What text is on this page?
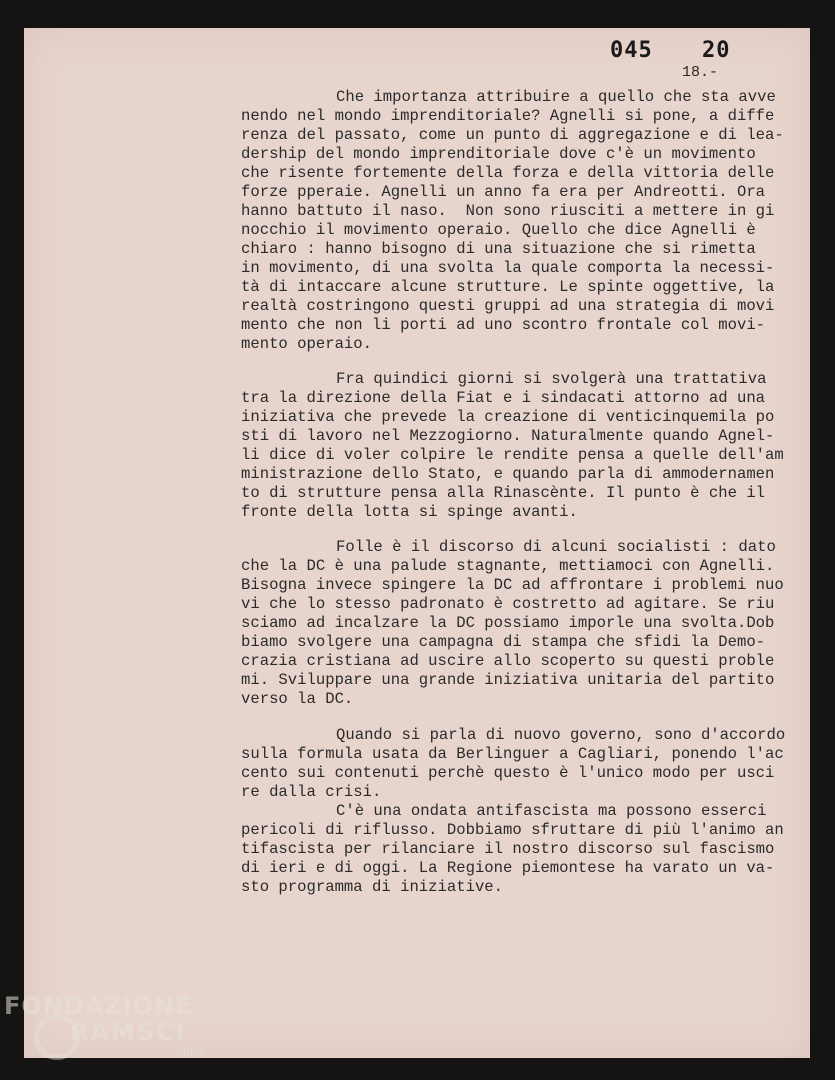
045 20
18.-
Che importanza attribuire a quello che sta avve
nendo nel mondo imprenditoriale? Agnelli si pone, a diffe
renza del passato, come un punto di aggregazione e di lea-
dership del mondo imprenditoriale dove c'è un movimento
che risente fortemente della forza e della vittoria delle
forze pperaie. Agnelli un anno fa era per Andreotti. Ora
hanno battuto il naso.  Non sono riusciti a mettere in gi
nocchio il movimento operaio. Quello che dice Agnelli è
chiaro : hanno bisogno di una situazione che si rimetta
in movimento, di una svolta la quale comporta la necessi-
tà di intaccare alcune strutture. Le spinte oggettive, la
realtà costringono questi gruppi ad una strategia di movi
mento che non li porti ad uno scontro frontale col movi-
mento operaio.
Fra quindici giorni si svolgerà una trattativa
tra la direzione della Fiat e i sindacati attorno ad una
iniziativa che prevede la creazione di venticinquemila po
sti di lavoro nel Mezzogiorno. Naturalmente quando Agnel-
li dice di voler colpire le rendite pensa a quelle dell'am
ministrazione dello Stato, e quando parla di ammodernamen
to di strutture pensa alla Rinascènte. Il punto è che il
fronte della lotta si spinge avanti.
Folle è il discorso di alcuni socialisti : dato
che la DC è una palude stagnante, mettiamoci con Agnelli.
Bisogna invece spingere la DC ad affrontare i problemi nuo
vi che lo stesso padronato è costretto ad agitare. Se riu
sciamo ad incalzare la DC possiamo imporle una svolta.Dob
biamo svolgere una campagna di stampa che sfidi la Demo-
crazia cristiana ad uscire allo scoperto su questi proble
mi. Sviluppare una grande iniziativa unitaria del partito
verso la DC.
Quando si parla di nuovo governo, sono d'accordo
sulla formula usata da Berlinguer a Cagliari, ponendo l'ac
cento sui contenuti perchè questo è l'unico modo per usci
re dalla crisi.
C'è una ondata antifascista ma possono esserci
pericoli di riflusso. Dobbiamo sfruttare di più l'animo an
tifascista per rilanciare il nostro discorso sul fascismo
di ieri e di oggi. La Regione piemontese ha varato un va-
sto programma di iniziative.
FONDAZIONE
RAMSCI
onlus
